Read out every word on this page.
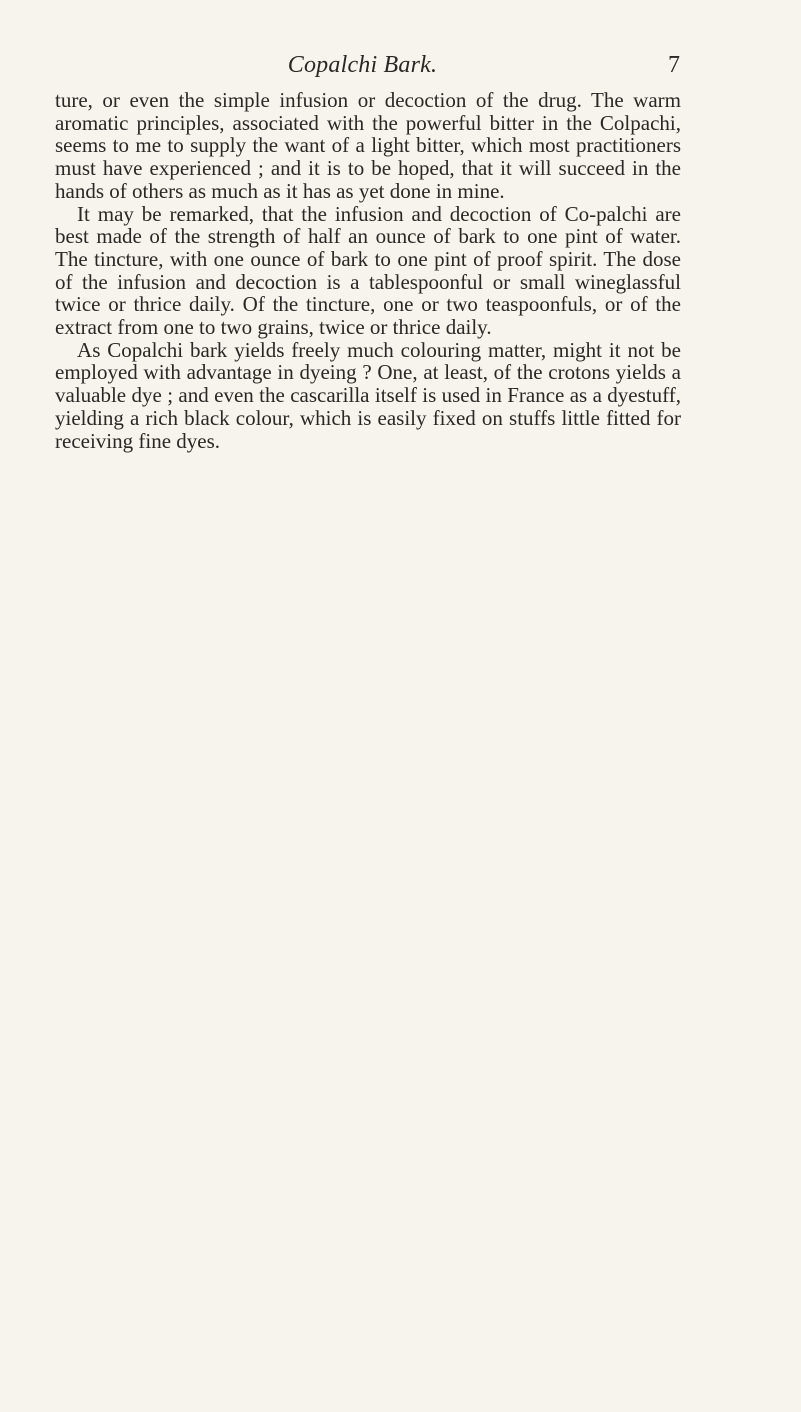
Copalchi Bark.	7

ture, or even the simple infusion or decoction of the drug. The warm aromatic principles, associated with the powerful bitter in the Colpachi, seems to me to supply the want of a light bitter, which most practitioners must have experienced ; and it is to be hoped, that it will succeed in the hands of others as much as it has as yet done in mine.

It may be remarked, that the infusion and decoction of Co-palchi are best made of the strength of half an ounce of bark to one pint of water. The tincture, with one ounce of bark to one pint of proof spirit. The dose of the infusion and decoction is a tablespoonful or small wineglassful twice or thrice daily. Of the tincture, one or two teaspoonfuls, or of the extract from one to two grains, twice or thrice daily.

As Copalchi bark yields freely much colouring matter, might it not be employed with advantage in dyeing ? One, at least, of the crotons yields a valuable dye ; and even the cascarilla itself is used in France as a dyestuff, yielding a rich black colour, which is easily fixed on stuffs little fitted for receiving fine dyes.
